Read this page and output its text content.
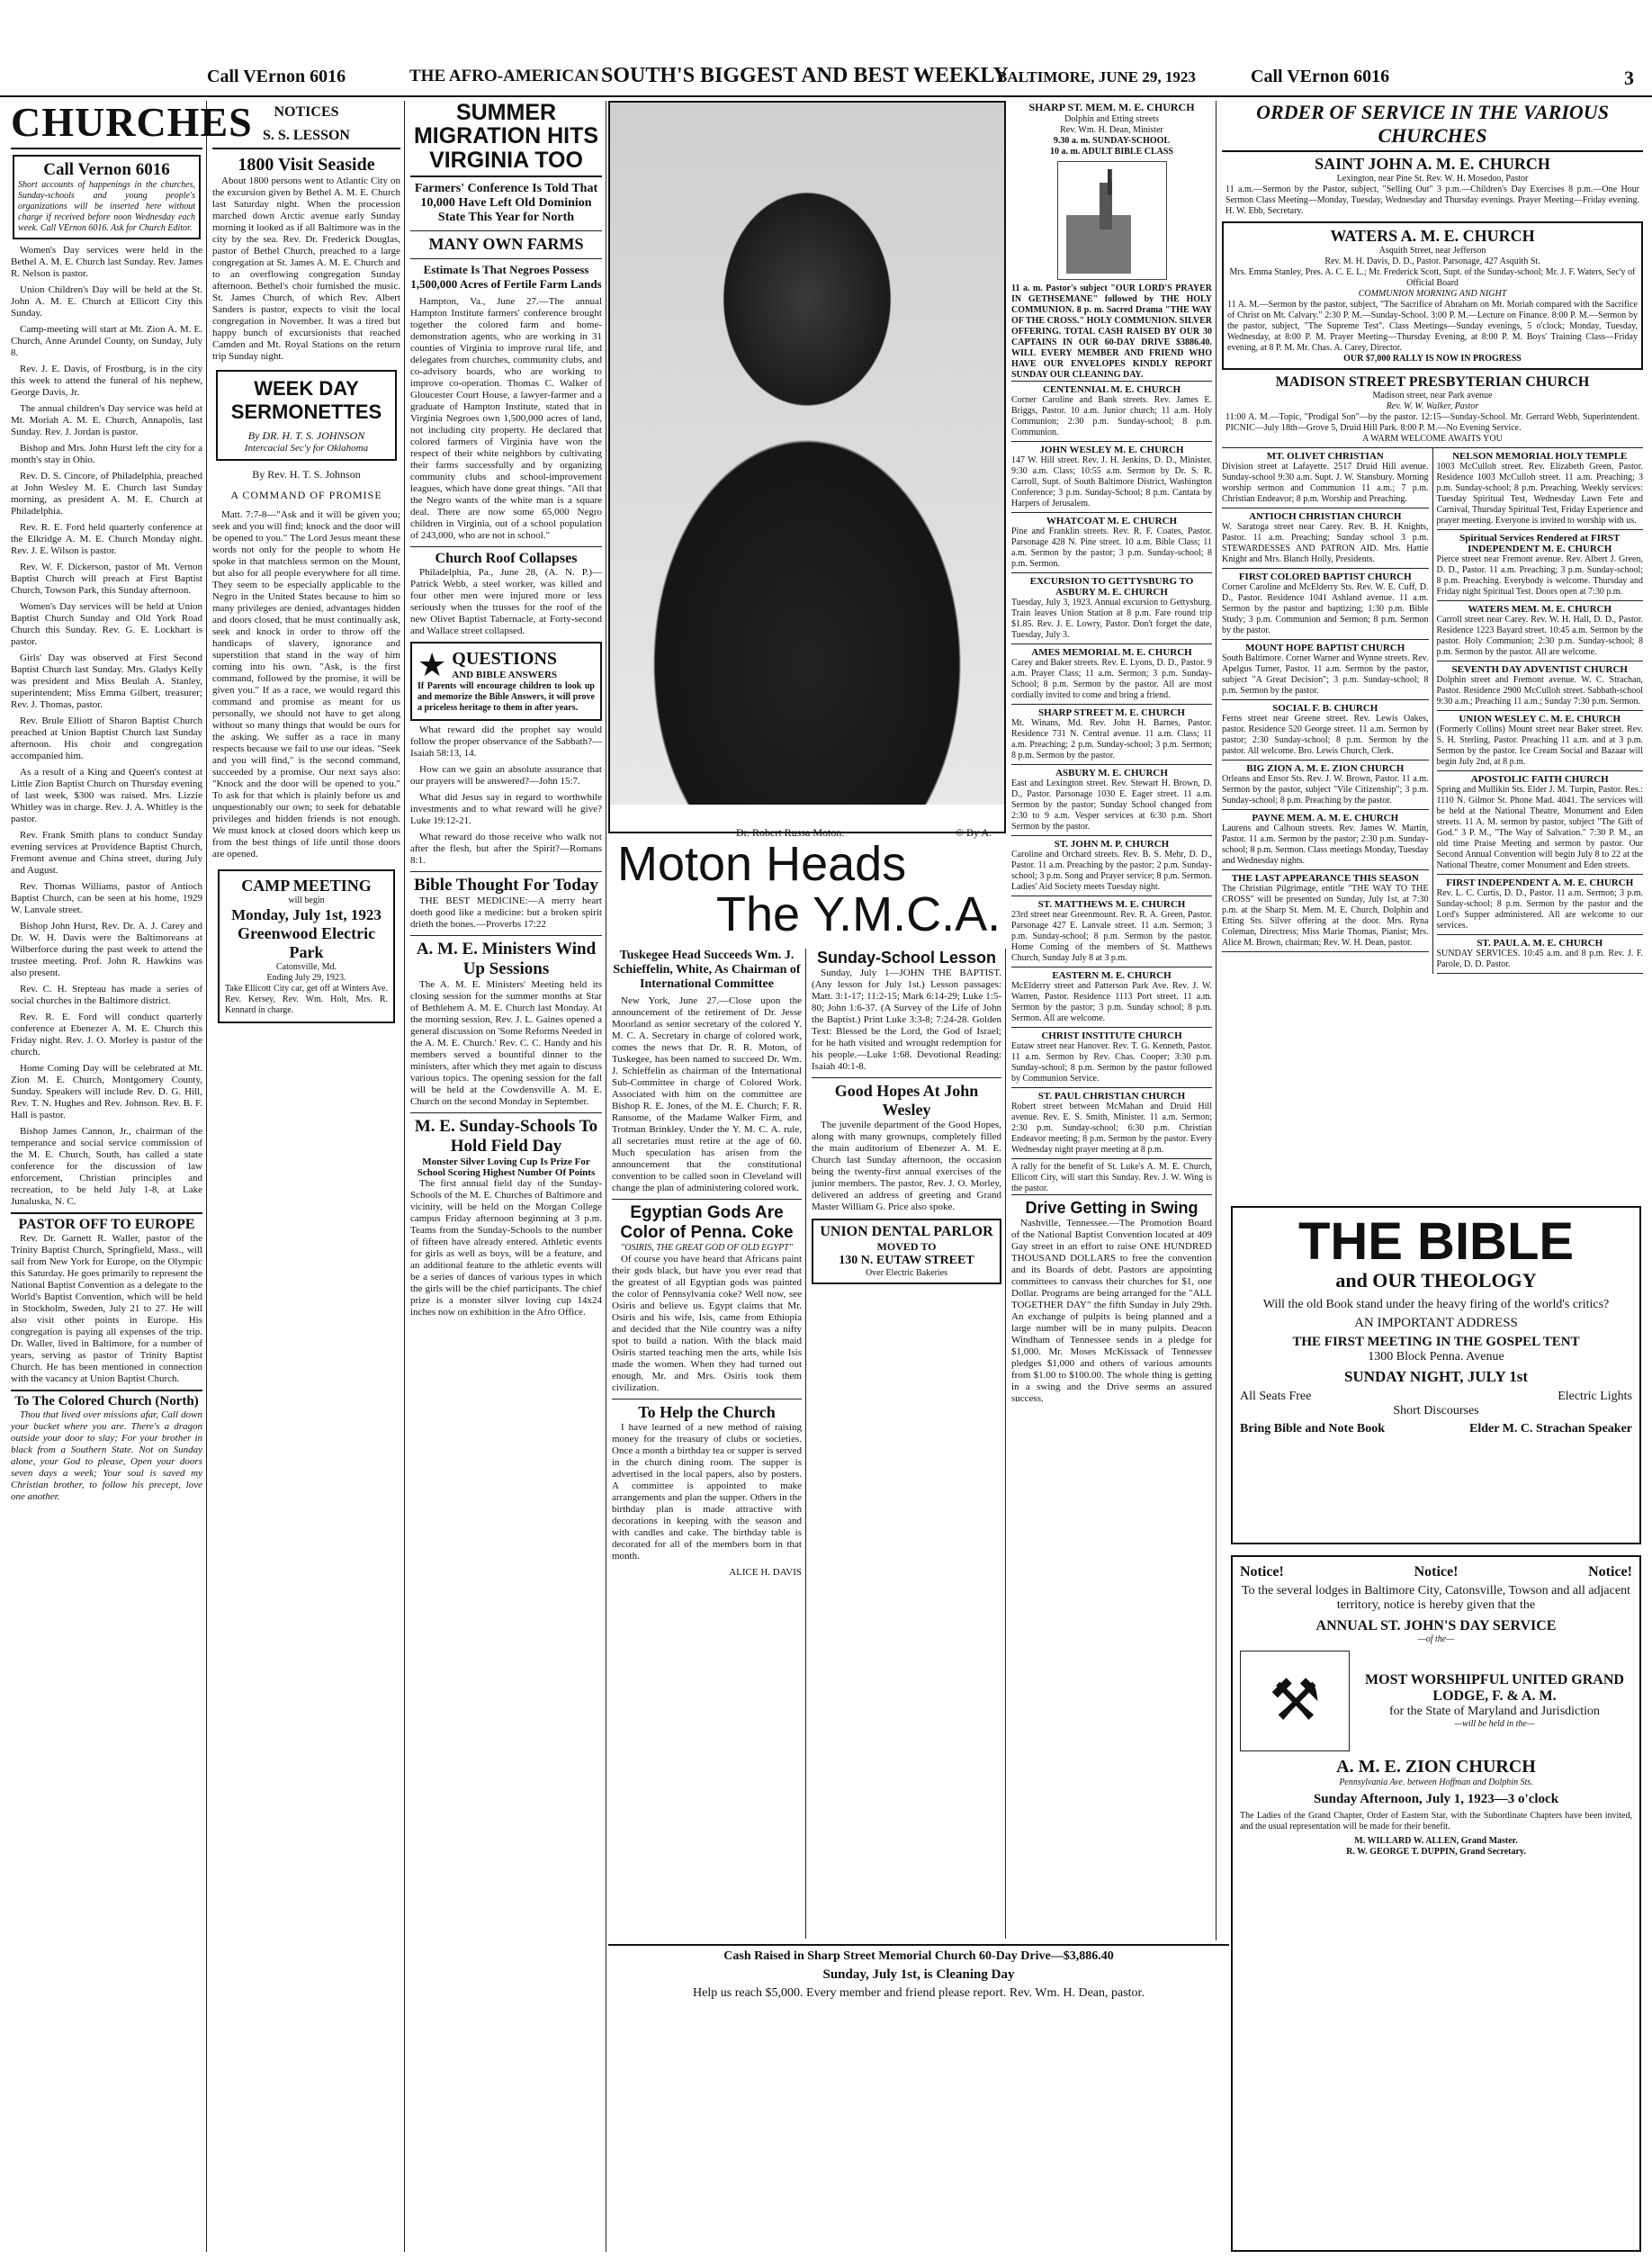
Call VErnon 6016	THE AFRO-AMERICAN SOUTH'S BIGGEST AND BEST WEEKLY
BALTIMORE, JUNE 29, 1923	Call VErnon 6016	3
CHURCHES
Call Vernon 6016
Short accounts of happenings in the churches, Sunday-schools and young people's organizations will be inserted here without charge if received before noon Wednesday each week. Call VErnon 6016. Ask for Church Editor.

Women's Day services were held in the Bethel A. M. E. Church last Sunday. Rev. James R. Nelson is pastor.

Union Children's Day will be held at the St. John A. M. E. Church at Ellicott City this Sunday.

Camp-meeting will start at Mt. Zion A. M. E. Church, Anne Arundel County, on Sunday, July 8.

Rev. J. E. Davis, of Frostburg, is in the city this week to attend the funeral of his nephew, George Davis, Jr.

The annual children's Day service was held at Mt. Moriah A. M. E. Church, Annapolis, last Sunday. Rev. J. Jordan is pastor.

Bishop and Mrs. John Hurst left the city for a month's stay in Ohio.

Rev. D. S. Cincore, of Philadelphia, preached at John Wesley M. E. Church last Sunday morning, as president A. M. E. Church at Philadelphia.

Rev. R. E. Ford held quarterly conference at the Elkridge A. M. E. Church Monday night. Rev. J. E. Wilson is pastor.

Rev. W. F. Dickerson, pastor of Mt. Vernon Baptist Church will preach at First Baptist Church, Towson Park, this Sunday afternoon.

Women's Day services will be held at Union Baptist Church Sunday and Old York Road Church this Sunday. Rev. G. E. Lockhart is pastor.

Girls' Day was observed at First Second Baptist Church last Sunday. Mrs. Gladys Kelly was president and Miss Beulah A. Stanley, superintendent; Miss Emma Gilbert, treasurer; Rev. J. Thomas, pastor.

Rev. Brule Elliott of Sharon Baptist Church preached at Union Baptist Church last Sunday afternoon. His choir and congregation accompanied him.

As a result of a King and Queen's contest at Little Zion Baptist Church on Thursday evening of last week, $300 was raised. Mrs. Lizzie Whitley was in charge. Rev. J. A. Whitley is the pastor.

Rev. Frank Smith plans to conduct Sunday evening services at Providence Baptist Church, Fremont avenue and China street, during July and August.

Rev. Thomas Williams, pastor of Antioch Baptist Church, can be seen at his home, 1929 W. Lanvale street.

Bishop John Hurst, Rev. Dr. A. J. Carey and Dr. W. H. Davis were the Baltimoreans at Wilberforce during the past week to attend the trustee meeting. Prof. John R. Hawkins was also present.

Rev. C. H. Stepteau has made a series of social churches in the Baltimore district.

Rev. R. E. Ford will conduct quarterly conference at Ebenezer A. M. E. Church this Friday night. Rev. J. O. Morley is pastor of the church.

Home Coming Day will be celebrated at Mt. Zion M. E. Church, Montgomery County, Sunday. Speakers will include Rev. D. G. Hill, Rev. T. N. Hughes and Rev. Johnson. Rev. B. F. Hall is pastor.

Bishop James Cannon, Jr., chairman of the temperance and social service commission of the M. E. Church, South, has called a state conference for the discussion of law enforcement, Christian principles and recreation, to be held July 1-8, at Lake Junaluska, N. C.

PASTOR OFF TO EUROPE

Rev. Dr. Garnett R. Waller, pastor of the Trinity Baptist Church, Springfield, Mass., will sail from New York for Europe, on the Olympic this Saturday. He goes primarily to represent the National Baptist Convention as a delegate to the World's Baptist Convention, which will be held in Stockholm, Sweden, July 21 to 27. He will also visit other points in Europe. His congregation is paying all expenses of the trip. Dr. Waller, lived in Baltimore, for a number of years, serving as pastor of Trinity Baptist Church. He has been mentioned in connection with the vacancy at Union Baptist Church.

To The Colored Church (North)

Thou that lived over missions afar, Call down your bucket where you are. There's a dragon outside your door to slay; For your brother in black from a Southern State. Not on Sunday alone, your God to please, Open your doors seven days a week; Your soul is saved my Christian brother, to follow his precept, love one another.

NOTICES
S. S. LESSON
1800 Visit Seaside

About 1800 persons went to Atlantic City on the excursion given by Bethel A. M. E. Church last Saturday night. When the procession marched down Arctic avenue early Sunday morning it looked as if all Baltimore was in the city by the sea. Rev. Dr. Frederick Douglas, pastor of Bethel Church, preached to a large congregation at St. James A. M. E. Church and to an overflowing congregation Sunday afternoon. Bethel's choir furnished the music. St. James Church, of which Rev. Albert Sanders is pastor, expects to visit the local congregation in November. It was a tired but happy bunch of excursionists that reached Camden and Mt. Royal Stations on the return trip Sunday night.

WEEK DAY SERMONETTES
By DR. H. T. S. JOHNSON
Intercacial Sec'y for Oklahoma
By Rev. H. T. S. Johnson
A COMMAND OF PROMISE

Matt. 7:7-8—"Ask and it will be given you; seek and you will find; knock and the door will be opened to you." The Lord Jesus meant these words not only for the people to whom He spoke in that matchless sermon on the Mount, but also for all people everywhere for all time. They seem to be especially applicable to the Negro in the United States because to him so many privileges are denied, advantages hidden and doors closed, that he must continually ask, seek and knock in order to throw off the handicaps of slavery, ignorance and superstition that stand in the way of him coming into his own. "Ask, is the first command, followed by the promise, it will be given you." If as a race, we would regard this command and promise as meant for us personally, we should not have to get along without so many things that would be ours for the asking. We suffer as a race in many respects because we fail to use our ideas. "Seek and you will find," is the second command, succeeded by a promise. Our next says also: "Knock and the door will be opened to you." To ask for that which is plainly before us and unquestionably our own; to seek for debatable privileges and hidden friends is not enough. We must knock at closed doors which keep us from the best things of life until those doors are opened.

CAMP MEETING
will begin
Monday, July 1st, 1923
Greenwood Electric Park
Catonsville, Md.
Ending July 29, 1923.
Take Ellicott City car, get off at Winters Ave. Rev. Kersey, Rev. Wm. Holt, Mrs. R. Kennard in charge.
SUMMER MIGRATION HITS VIRGINIA TOO
Farmers' Conference Is Told That 10,000 Have Left Old Dominion State This Year for North
MANY OWN FARMS
Estimate Is That Negroes Possess 1,500,000 Acres of Fertile Farm Lands

Hampton, Va., June 27.—The annual Hampton Institute farmers' conference brought together the colored farm and home-demonstration agents, who are working in 31 counties of Virginia to improve rural life, and delegates from churches, community clubs, and co-advisory boards, who are working to improve co-operation. Thomas C. Walker of Gloucester Court House, a lawyer-farmer and a graduate of Hampton Institute, stated that in Virginia Negroes own 1,500,000 acres of land, not including city property. He declared that colored farmers of Virginia have won the respect of their white neighbors by cultivating their farms successfully and by organizing community clubs and school-improvement leagues, which have done great things. "All that the Negro wants of the white man is a square deal. There are now some 65,000 Negro children in Virginia, out of a school population of 243,000, who are not in school."

Church Roof Collapses

Philadelphia, Pa., June 28, (A. N. P.)—Patrick Webb, a steel worker, was killed and four other men were injured more or less seriously when the trusses for the roof of the new Olivet Baptist Tabernacle, at Forty-second and Wallace street collapsed.

★ QUESTIONS
AND BIBLE ANSWERS
If Parents will encourage children to look up and memorize the Bible Answers, it will prove a priceless heritage to them in after years.

What reward did the prophet say would follow the proper observance of the Sabbath?—Isaiah 58:13, 14.

How can we gain an absolute assurance that our prayers will be answered?—John 15:7.

What did Jesus say in regard to worthwhile investments and to what reward will he give? Luke 19:12-21.

What reward do those receive who walk not after the flesh, but after the Spirit?—Romans 8:1.

Bible Thought For Today

THE BEST MEDICINE:—A merry heart doeth good like a medicine: but a broken spirit drieth the bones.—Proverbs 17:22

A. M. E. Ministers Wind Up Sessions

The A. M. E. Ministers' Meeting held its closing session for the summer months at Star of Bethlehem A. M. E. Church last Monday. At the morning session, Rev. J. L. Gaines opened a general discussion on 'Some Reforms Needed in the A. M. E. Church.' Rev. C. C. Handy and his members served a bountiful dinner to the ministers, after which they met again to discuss various topics. The opening session for the fall will be held at the Cowdensville A. M. E. Church on the second Monday in September.

M. E. Sunday-Schools To Hold Field Day
Monster Silver Loving Cup Is Prize For School Scoring Highest Number Of Points

The first annual field day of the Sunday-Schools of the M. E. Churches of Baltimore and vicinity, will be held on the Morgan College campus Friday afternoon beginning at 3 p.m. Teams from the Sunday-Schools to the number of fifteen have already entered. Athletic events for girls as well as boys, will be a feature, and an additional feature to the athletic events will be a series of dances of various types in which the girls will be the chief participants. The chief prize is a monster silver loving cup 14x24 inches now on exhibition in the Afro Office.

Dr. Robert Russa Moton.	© By A.
Moton Heads
The Y.M.C.A.
Tuskegee Head Succeeds Wm. J. Schieffelin, White, As Chairman of International Committee

New York, June 27.—Close upon the announcement of the retirement of Dr. Jesse Moorland as senior secretary of the colored Y. M. C. A. Secretary in charge of colored work, comes the news that Dr. R. R. Moton, of Tuskegee, has been named to succeed Dr. Wm. J. Schieffelin as chairman of the International Sub-Committee in charge of Colored Work. Associated with him on the committee are Bishop R. E. Jones, of the M. E. Church; F. R. Ransome, of the Madame Walker Firm, and Trotman Brinkley. Under the Y. M. C. A. rule, all secretaries must retire at the age of 60. Much speculation has arisen from the announcement that the constitutional convention to be called soon in Cleveland will change the plan of administering colored work.

Egyptian Gods Are Color of Penna. Coke
"OSIRIS, THE GREAT GOD OF OLD EGYPT"

Of course you have heard that Africans paint their gods black, but have you ever read that the greatest of all Egyptian gods was painted the color of Pennsylvania coke? Well now, see Osiris and believe us. Egypt claims that Mr. Osiris and his wife, Isis, came from Ethiopia and decided that the Nile country was a nifty spot to build a nation. With the black maid Osiris started teaching men the arts, while Isis made the women. When they had turned out enough, Mr. and Mrs. Osiris took them civilization.

To Help the Church

I have learned of a new method of raising money for the treasury of clubs or societies. Once a month a birthday tea or supper is served in the church dining room. The supper is advertised in the local papers, also by posters. A committee is appointed to make arrangements and plan the supper. Others in the birthday plan is made attractive with decorations in keeping with the season and with candles and cake. The birthday table is decorated for all of the members born in that month.

ALICE H. DAVIS
Sunday-School Lesson

Sunday, July 1—JOHN THE BAPTIST. (Any lesson for July 1st.) Lesson passages: Matt. 3:1-17; 11:2-15; Mark 6:14-29; Luke 1:5-80; John 1:6-37. (A Survey of the Life of John the Baptist.) Print Luke 3:3-8; 7:24-28. Golden Text: Blessed be the Lord, the God of Israel; for he hath visited and wrought redemption for his people.—Luke 1:68. Devotional Reading: Isaiah 40:1-8.

Good Hopes At John Wesley

The juvenile department of the Good Hopes, along with many grownups, completely filled the main auditorium of Ebenezer A. M. E. Church last Sunday afternoon, the occasion being the twenty-first annual exercises of the junior members. The pastor, Rev. J. O. Morley, delivered an address of greeting and Grand Master William G. Price also spoke.

UNION DENTAL PARLOR
MOVED TO
130 N. EUTAW STREET
Over Electric Bakeries
Cash Raised in Sharp Street Memorial Church 60-Day Drive—$3,886.40
Sunday, July 1st, is Cleaning Day
Help us reach $5,000. Every member and friend please report. Rev. Wm. H. Dean, pastor.
SHARP ST. MEM. M. E. CHURCH
Dolphin and Etting streets
Rev. Wm. H. Dean, Minister
9.30 a. m. SUNDAY-SCHOOL
10 a. m. ADULT BIBLE CLASS
11 a. m. Pastor's subject "OUR LORD'S PRAYER IN GETHSEMANE" followed by THE HOLY COMMUNION. 8 p. m. Sacred Drama "THE WAY OF THE CROSS." HOLY COMMUNION. SILVER OFFERING. TOTAL CASH RAISED BY OUR 30 CAPTAINS IN OUR 60-DAY DRIVE $3886.40. WILL EVERY MEMBER AND FRIEND WHO HAVE OUR ENVELOPES KINDLY REPORT SUNDAY OUR CLEANING DAY.
CENTENNIAL M. E. CHURCH
Corner Caroline and Bank streets. Rev. James E. Briggs, Pastor. 10 a.m. Junior church; 11 a.m. Holy Communion; 2:30 p.m. Sunday-school; 8 p.m. Communion.
JOHN WESLEY M. E. CHURCH
147 W. Hill street. Rev. J. H. Jenkins, D. D., Minister. 9:30 a.m. Class; 10:55 a.m. Sermon by Dr. S. R. Carroll, Supt. of South Baltimore District, Washington Conference; 3 p.m. Sunday-School; 8 p.m. Cantata by Harpers of Jerusalem.
WHATCOAT M. E. CHURCH
Pine and Franklin streets. Rev. R. F. Coates, Pastor. Parsonage 428 N. Pine street. 10 a.m. Bible Class; 11 a.m. Sermon by the pastor; 3 p.m. Sunday-school; 8 p.m. Sermon.
EXCURSION TO GETTYSBURG TO ASBURY M. E. CHURCH
Tuesday, July 3, 1923. Annual excursion to Gettysburg. Train leaves Union Station at 8 p.m. Fare round trip $1.85. Rev. J. E. Lowry, Pastor. Don't forget the date, Tuesday, July 3.
AMES MEMORIAL M. E. CHURCH
Carey and Baker streets. Rev. E. Lyons, D. D., Pastor. 9 a.m. Prayer Class; 11 a.m. Sermon; 3 p.m. Sunday-School; 8 p.m. Sermon by the pastor. All are most cordially invited to come and bring a friend.
SHARP STREET M. E. CHURCH
Mt. Winans, Md. Rev. John H. Barnes, Pastor. Residence 731 N. Central avenue. 11 a.m. Class; 11 a.m. Preaching; 2 p.m. Sunday-school; 3 p.m. Sermon; 8 p.m. Sermon by the pastor.
ASBURY M. E. CHURCH
East and Lexington street. Rev. Stewart H. Brown, D. D., Pastor. Parsonage 1030 E. Eager street. 11 a.m. Sermon by the pastor; Sunday School changed from 2:30 to 9 a.m. Vesper services at 6:30 p.m. Short Sermon by the pastor.
ST. JOHN M. P. CHURCH
Caroline and Orchard streets. Rev. B. S. Mehr, D. D., Pastor. 11 a.m. Preaching by the pastor; 2 p.m. Sunday-school; 3 p.m. Song and Prayer service; 8 p.m. Sermon. Ladies' Aid Society meets Tuesday night.
ST. MATTHEWS M. E. CHURCH
23rd street near Greenmount. Rev. R. A. Green, Pastor. Parsonage 427 E. Lanvale street. 11 a.m. Sermon; 3 p.m. Sunday-school; 8 p.m. Sermon by the pastor. Home Coming of the members of St. Matthews Church, Sunday July 8 at 3 p.m.
EASTERN M. E. CHURCH
McElderry street and Patterson Park Ave. Rev. J. W. Warren, Pastor. Residence 1113 Port street. 11 a.m. Sermon by the pastor; 3 p.m. Sunday school; 8 p.m. Sermon. All are welcome.
CHRIST INSTITUTE CHURCH
Eutaw street near Hanover. Rev. T. G. Kenneth, Pastor. 11 a.m. Sermon by Rev. Chas. Cooper; 3:30 p.m. Sunday-school; 8 p.m. Sermon by the pastor followed by Communion Service.
ST. PAUL CHRISTIAN CHURCH
Robert street between McMahan and Druid Hill avenue. Rev. E. S. Smith, Minister. 11 a.m. Sermon; 2:30 p.m. Sunday-school; 6:30 p.m. Christian Endeavor meeting; 8 p.m. Sermon by the pastor. Every Wednesday night prayer meeting at 8 p.m.
A rally for the benefit of St. Luke's A. M. E. Church, Ellicott City, will start this Sunday. Rev. J. W. Wing is the pastor.
Drive Getting in Swing

Nashville, Tennessee.—The Promotion Board of the National Baptist Convention located at 409 Gay street in an effort to raise ONE HUNDRED THOUSAND DOLLARS to free the convention and its Boards of debt. Pastors are appointing committees to canvass their churches for $1, one Dollar. Programs are being arranged for the "ALL TOGETHER DAY" the fifth Sunday in July 29th. An exchange of pulpits is being planned and a large number will be in many pulpits. Deacon Windham of Tennessee sends in a pledge for $1,000. Mr. Moses McKissack of Tennessee pledges $1,000 and others of various amounts from $1.00 to $100.00. The whole thing is getting in a swing and the Drive seems an assured success.

ORDER OF SERVICE IN THE VARIOUS CHURCHES
SAINT JOHN A. M. E. CHURCH
Lexington, near Pine St. Rev. W. H. Mosedoo, Pastor
11 a.m.—Sermon by the Pastor, subject, "Selling Out" 3 p.m.—Children's Day Exercises 8 p.m.—One Hour Sermon Class Meeting—Monday, Tuesday, Wednesday and Thursday evenings. Prayer Meeting—Friday evening. H. W. Ebb, Secretary.
WATERS A. M. E. CHURCH
Asquith Street, near Jefferson
Rev. M. H. Davis, D. D., Pastor. Parsonage, 427 Asquith St.
Mrs. Emma Stanley, Pres. A. C. E. L.; Mr. Frederick Scott, Supt. of the Sunday-school; Mr. J. F. Waters, Sec'y of Official Board
COMMUNION MORNING AND NIGHT
11 A. M.—Sermon by the pastor, subject, "The Sacrifice of Abraham on Mt. Moriah compared with the Sacrifice of Christ on Mt. Calvary." 2:30 P. M.—Sunday-School. 3:00 P. M.—Lecture on Finance. 8:00 P. M.—Sermon by the pastor, subject, "The Supreme Test". Class Meetings—Sunday evenings, 5 o'clock; Monday, Tuesday, Wednesday, at 8:00 P. M. Prayer Meeting—Thursday Evening, at 8:00 P. M. Boys' Training Class—Friday evening, at 8 P. M. Mr. Chas. A. Carey, Director.
OUR $7,000 RALLY IS NOW IN PROGRESS
MADISON STREET PRESBYTERIAN CHURCH
Madison street, near Park avenue
Rev. W. W. Walker, Pastor
11:00 A. M.—Topic, "Prodigal Son"—by the pastor. 12:15—Sunday-School. Mr. Gerrard Webb, Superintendent. PICNIC—July 18th—Grove 5, Druid Hill Park. 8:00 P. M.—No Evening Service.
A WARM WELCOME AWAITS YOU
MT. OLIVET CHRISTIAN
Division street at Lafayette. 2517 Druid Hill avenue. Sunday-school 9:30 a.m. Supt. J. W. Stansbury. Morning worship sermon and Communion 11 a.m.; 7 p.m. Christian Endeavor; 8 p.m. Worship and Preaching.
ANTIOCH CHRISTIAN CHURCH
W. Saratoga street near Carey. Rev. B. H. Knights, Pastor. 11 a.m. Preaching; Sunday school 3 p.m. STEWARDESSES AND PATRON AID. Mrs. Hattie Knight and Mrs. Blanch Holly, Presidents.
FIRST COLORED BAPTIST CHURCH
Corner Caroline and McElderry Sts. Rev. W. E. Cuff, D. D., Pastor. Residence 1041 Ashland avenue. 11 a.m. Sermon by the pastor and baptizing; 1:30 p.m. Bible Study; 3 p.m. Communion and Sermon; 8 p.m. Sermon by the pastor.
MOUNT HOPE BAPTIST CHURCH
South Baltimore. Corner Warner and Wynne streets. Rev. Apelgus Turner, Pastor. 11 a.m. Sermon by the pastor, subject "A Great Decision"; 3 p.m. Sunday-school; 8 p.m. Sermon by the pastor.
SOCIAL F. B. CHURCH
Ferns street near Greene street. Rev. Lewis Oakes, pastor. Residence 520 George street. 11 a.m. Sermon by pastor; 2:30 Sunday-school; 8 p.m. Sermon by the pastor. All welcome. Bro. Lewis Church, Clerk.
BIG ZION A. M. E. ZION CHURCH
Orleans and Ensor Sts. Rev. J. W. Brown, Pastor. 11 a.m. Sermon by the pastor, subject "Vile Citizenship"; 3 p.m. Sunday-school; 8 p.m. Preaching by the pastor.
PAYNE MEM. A. M. E. CHURCH
Laurens and Calhoun streets. Rev. James W. Martin, Pastor. 11 a.m. Sermon by the pastor; 2:30 p.m. Sunday-school; 8 p.m. Sermon. Class meetings Monday, Tuesday and Wednesday nights.
THE LAST APPEARANCE THIS SEASON
The Christian Pilgrimage, entitle "THE WAY TO THE CROSS" will be presented on Sunday, July 1st, at 7:30 p.m. at the Sharp St. Mem. M. E. Church, Dolphin and Etting Sts. Silver offering at the door. Mrs. Ryna Coleman, Directress; Miss Marie Thomas, Pianist; Mrs. Alice M. Brown, chairman; Rev. W. H. Dean, pastor.
NELSON MEMORIAL HOLY TEMPLE
1003 McCulloh street. Rev. Elizabeth Green, Pastor. Residence 1003 McCulloh street. 11 a.m. Preaching; 3 p.m. Sunday-school; 8 p.m. Preaching. Weekly services: Tuesday Spiritual Test, Wednesday Lawn Fete and Carnival, Thursday Spiritual Test, Friday Experience and prayer meeting. Everyone is invited to worship with us.
Spiritual Services Rendered at FIRST INDEPENDENT M. E. CHURCH
Pierce street near Fremont avenue. Rev. Albert J. Green, D. D., Pastor. 11 a.m. Preaching; 3 p.m. Sunday-school; 8 p.m. Preaching. Everybody is welcome. Thursday and Friday night Spiritual Test. Doors open at 7:30 p.m.
WATERS MEM. M. E. CHURCH
Carroll street near Carey. Rev. W. H. Hall, D. D., Pastor. Residence 1223 Bayard street. 10:45 a.m. Sermon by the pastor. Holy Communion; 2:30 p.m. Sunday-school; 8 p.m. Sermon by the pastor. All are welcome.
SEVENTH DAY ADVENTIST CHURCH
Dolphin street and Fremont avenue. W. C. Strachan, Pastor. Residence 2900 McCulloh street. Sabbath-school 9:30 a.m.; Preaching 11 a.m.; Sunday 7:30 p.m. Sermon.
UNION WESLEY C. M. E. CHURCH
(Formerly Collins) Mount street near Baker street. Rev. S. H. Sterling, Pastor. Preaching 11 a.m. and at 3 p.m. Sermon by the pastor. Ice Cream Social and Bazaar will begin July 2nd, at 8 p.m.
APOSTOLIC FAITH CHURCH
Spring and Mullikin Sts. Elder J. M. Turpin, Pastor. Res.: 1110 N. Gilmor St. Phone Mad. 4041. The services will be held at the National Theatre, Monument and Eden streets. 11 A. M. sermon by pastor, subject "The Gift of God." 3 P. M., "The Way of Salvation." 7:30 P. M., an old time Praise Meeting and sermon by pastor. Our Second Annual Convention will begin July 8 to 22 at the National Theatre, corner Monument and Eden streets.
FIRST INDEPENDENT A. M. E. CHURCH
Rev. L. C. Curtis, D. D., Pastor. 11 a.m. Sermon; 3 p.m. Sunday-school; 8 p.m. Sermon by the pastor and the Lord's Supper administered. All are welcome to our services.
ST. PAUL A. M. E. CHURCH
SUNDAY SERVICES. 10:45 a.m. and 8 p.m. Rev. J. F. Parole, D. D. Pastor.
THE BIBLE
and OUR THEOLOGY
Will the old Book stand under the heavy firing of the world's critics?
AN IMPORTANT ADDRESS
THE FIRST MEETING IN THE GOSPEL TENT
1300 Block Penna. Avenue
SUNDAY NIGHT, JULY 1st
All Seats Free	Electric Lights
Short Discourses
Bring Bible and Note Book	Elder M. C. Strachan Speaker
Notice!	Notice!	Notice!
To the several lodges in Baltimore City, Catonsville, Towson and all adjacent territory, notice is hereby given that the
ANNUAL ST. JOHN'S DAY SERVICE
—of the—
⚒	MOST WORSHIPFUL UNITED GRAND LODGE, F. & A. M.
for the State of Maryland and Jurisdiction
—will be held in the—
A. M. E. ZION CHURCH
Pennsylvania Ave. between Hoffman and Dolphin Sts.
Sunday Afternoon, July 1, 1923—3 o'clock
The Ladies of the Grand Chapter, Order of Eastern Star, with the Subordinate Chapters have been invited, and the usual representation will be made for their benefit.
M. WILLARD W. ALLEN, Grand Master.
R. W. GEORGE T. DUPPIN, Grand Secretary.
